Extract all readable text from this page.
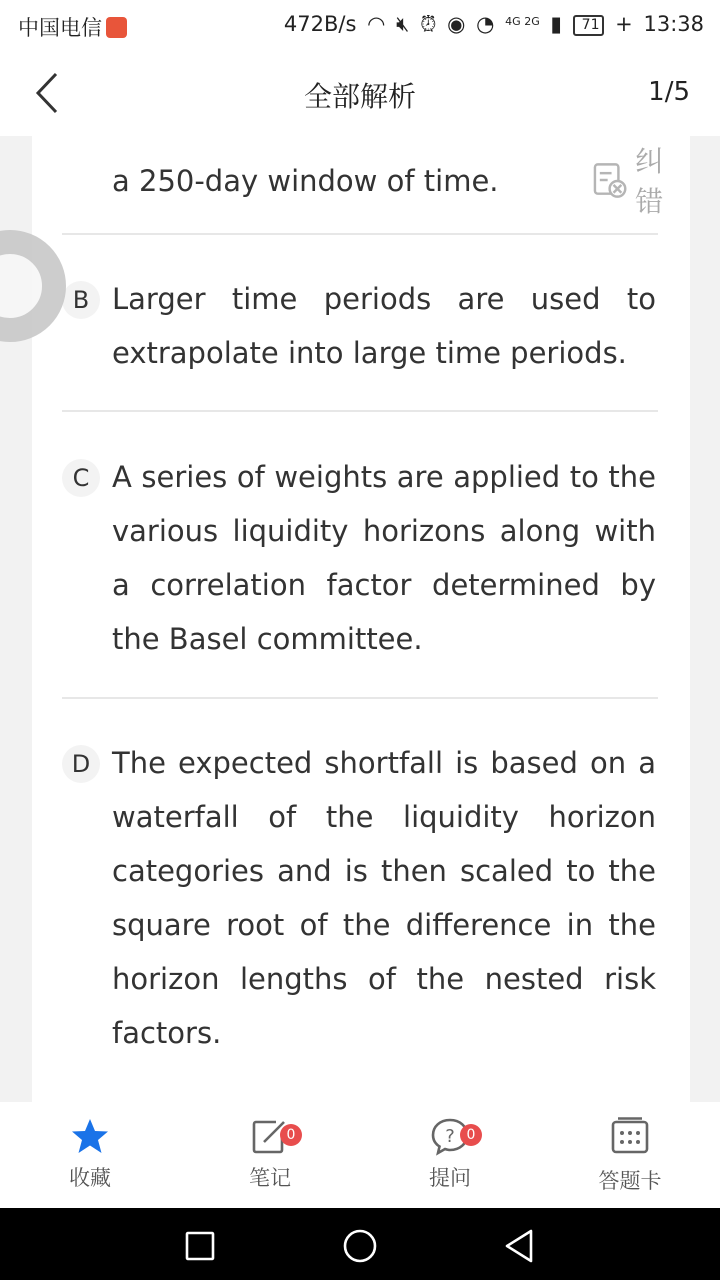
中国电信	472B/s ◠ 🔇︎ ⏰︎ ◉ ◔ $^{4G 2G}$ ▮ 71 + 13:38
全部解析	1/5
a 250-day window of time.
纠错
B Larger time periods are used to extrapolate into large time periods.
C A series of weights are applied to the various liquidity horizons along with a correlation factor determined by the Basel committee.
D The expected shortfall is based on a waterfall of the liquidity horizon categories and is then scaled to the square root of the difference in the horizon lengths of the nested risk factors.
收藏
0
笔记
? 0
提问	答题卡
